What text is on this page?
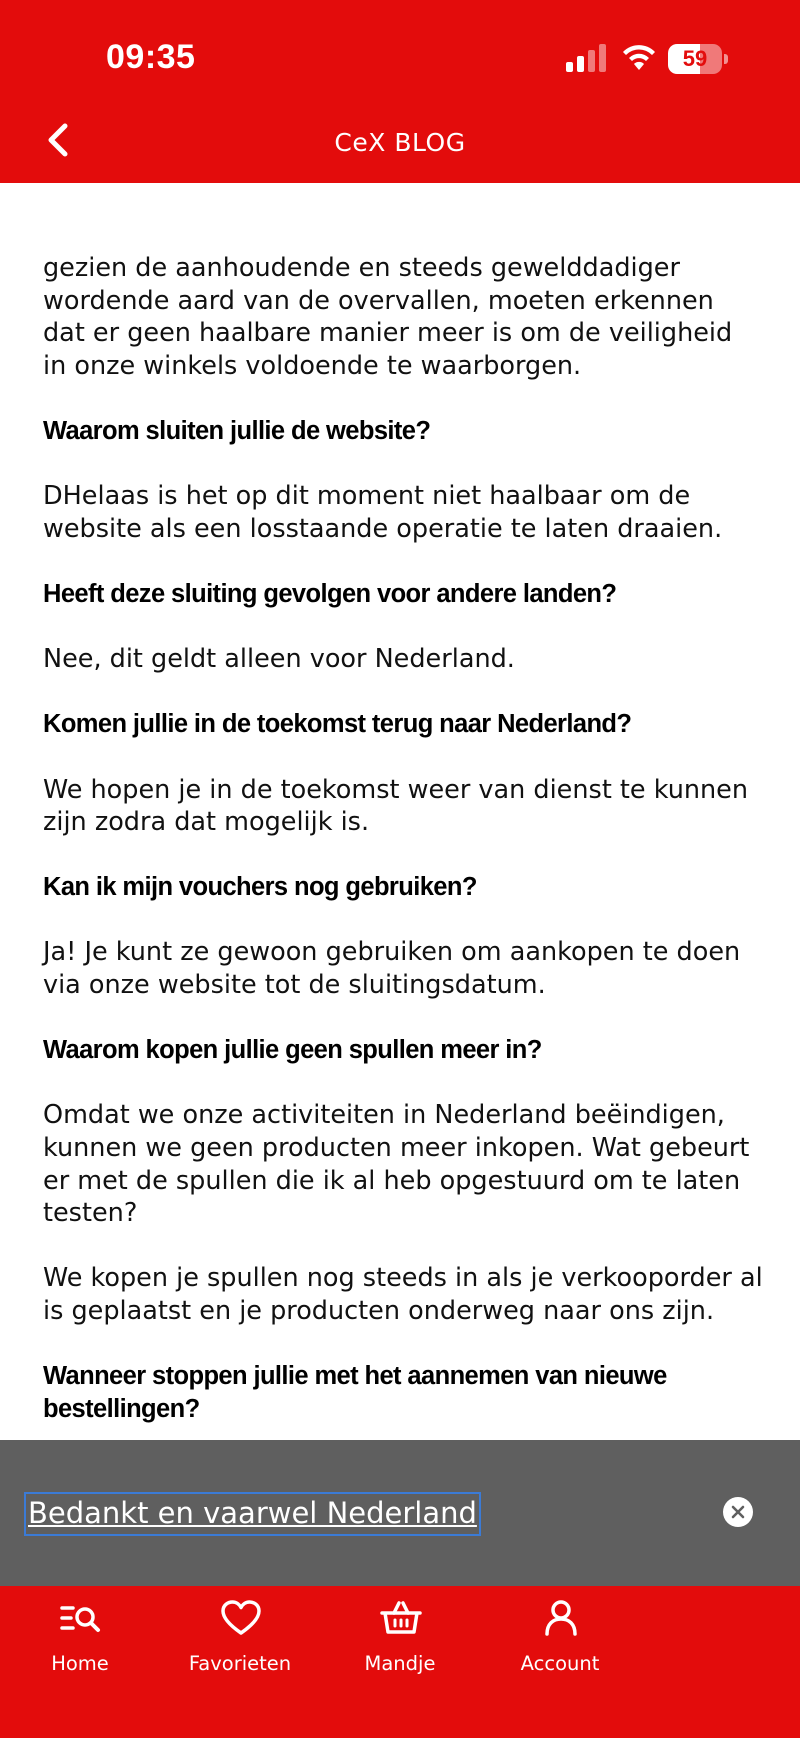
09:35	59
CeX BLOG

gezien de aanhoudende en steeds gewelddadiger wordende aard van de overvallen, moeten erkennen dat er geen haalbare manier meer is om de veiligheid in onze winkels voldoende te waarborgen.

Waarom sluiten jullie de website?

DHelaas is het op dit moment niet haalbaar om de website als een losstaande operatie te laten draaien.

Heeft deze sluiting gevolgen voor andere landen?

Nee, dit geldt alleen voor Nederland.

Komen jullie in de toekomst terug naar Nederland?

We hopen je in de toekomst weer van dienst te kunnen zijn zodra dat mogelijk is.

Kan ik mijn vouchers nog gebruiken?

Ja! Je kunt ze gewoon gebruiken om aankopen te doen via onze website tot de sluitingsdatum.

Waarom kopen jullie geen spullen meer in?

Omdat we onze activiteiten in Nederland beëindigen, kunnen we geen producten meer inkopen. Wat gebeurt er met de spullen die ik al heb opgestuurd om te laten testen?

We kopen je spullen nog steeds in als je verkooporder al is geplaatst en je producten onderweg naar ons zijn.

Wanneer stoppen jullie met het aannemen van nieuwe bestellingen?

Bedankt en vaarwel Nederland
Home	Favorieten	Mandje	Account
